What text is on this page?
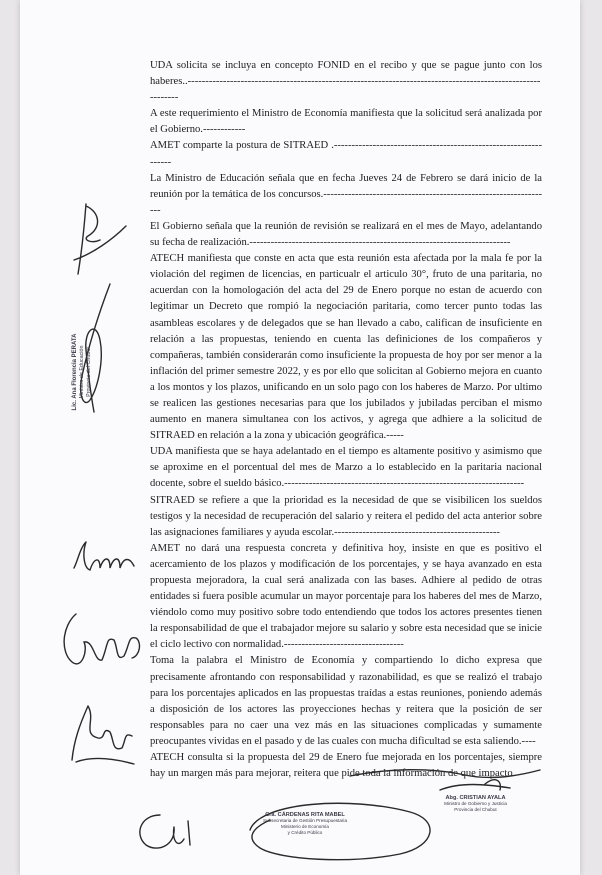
UDA solicita se incluya en concepto FONID en el recibo y que se pague junto con los haberes..------------------------------------------------------------------------------------------------------------

A este requerimiento el Ministro de Economía manifiesta que la solicitud será analizada por el Gobierno.------------

AMET comparte la postura de SITRAED .-----------------------------------------------------------------

La Ministro de Educación señala que en fecha Jueves 24 de Febrero se dará inicio de la reunión por la temática de los concursos.-----------------------------------------------------------------

El Gobierno señala que la reunión de revisión se realizará en el mes de Mayo, adelantando su fecha de realización.--------------------------------------------------------------------------

ATECH manifiesta que conste en acta que esta reunión esta afectada por la mala fe por la violación del regimen de licencias, en particualr el articulo 30°, fruto de una paritaria, no acuerdan con la homologación del acta del 29 de Enero porque no estan de acuerdo con legitimar un Decreto que rompió la negociación paritaria, como tercer punto todas las asambleas escolares y de delegados que se han llevado a cabo, califican de insuficiente en relación a las propuestas, teniendo en cuenta las definiciones de los compañeros y compañeras, también considerarán como insuficiente la propuesta de hoy por ser menor a la inflación del primer semestre 2022, y es por ello que solicitan al Gobierno mejora en cuanto a los montos y los plazos, unificando en un solo pago con los haberes de Marzo. Por ultimo se realicen las gestiones necesarias para que los jubilados y jubiladas perciban el mismo aumento en manera simultanea con los activos, y agrega que adhiere a la solicitud de SITRAED en relación a la zona y ubicación geográfica.-----

UDA manifiesta que se haya adelantado en el tiempo es altamente positivo y asimismo que se aproxime en el porcentual del mes de Marzo a lo establecido en la paritaria nacional docente, sobre el sueldo básico.--------------------------------------------------------------------

SITRAED se refiere a que la prioridad es la necesidad de que se visibilicen los sueldos testigos y la necesidad de recuperación del salario y reitera el pedido del acta anterior sobre las asignaciones familiares y ayuda escolar.-----------------------------------------------

AMET no dará una respuesta concreta y definitiva hoy, insiste en que es positivo el acercamiento de los plazos y modificación de los porcentajes, y se haya avanzado en esta propuesta mejoradora, la cual será analizada con las bases. Adhiere al pedido de otras entidades si fuera posible acumular un mayor porcentaje para los haberes del mes de Marzo, viéndolo como muy positivo sobre todo entendiendo que todos los actores presentes tienen la responsabilidad de que el trabajador mejore su salario y sobre esta necesidad que se inicie el ciclo lectivo con normalidad.----------------------------------

Toma la palabra el Ministro de Economía y compartiendo lo dicho expresa que precisamente afrontando con responsabilidad y razonabilidad, es que se realizó el trabajo para los porcentajes aplicados en las propuestas traídas a estas reuniones, poniendo además a disposición de los actores las proyecciones hechas y reitera que la posición de ser responsables para no caer una vez más en las situaciones complicadas y sumamente preocupantes vividas en el pasado y de las cuales con mucha dificultad se esta saliendo.----

ATECH consulta si la propuesta del 29 de Enero fue mejorada en los porcentajes, siempre hay un margen más para mejorar, reitera que pide toda la información de que impacto

Lic. Ana Florencia PERATA Ministro de Educación Provincia del Chubut
Cra. CÁRDENAS RITA MABEL
Subsecretaria de Gestión Presupuestaria
Ministerio de Economía
y Crédito Público
Abg. CRISTIAN AYALA
Ministro de Gobierno y Justicia
Provincia del Chubut
